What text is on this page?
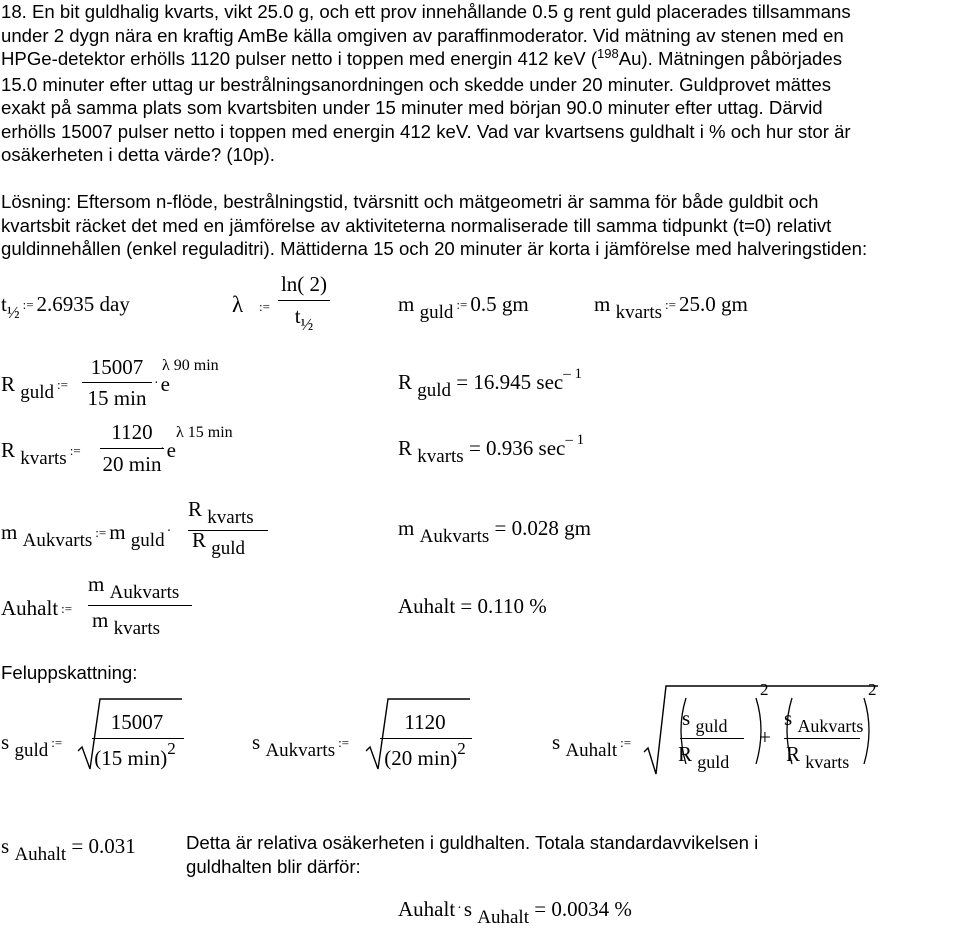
18. En bit guldhalig kvarts, vikt 25.0 g, och ett prov innehållande 0.5 g rent guld placerades tillsammans
under 2 dygn nära en kraftig AmBe källa omgiven av paraffinmoderator. Vid mätning av stenen med en
HPGe-detektor erhölls 1120 pulser netto i toppen med energin 412 keV ($^{198}$Au). Mätningen påbörjades
15.0 minuter efter uttag ur bestrålningsanordningen och skedde under 20 minuter. Guldprovet mättes
exakt på samma plats som kvartsbiten under 15 minuter med början 90.0 minuter efter uttag. Därvid
erhölls 15007 pulser netto i toppen med energin 412 keV. Vad var kvartsens guldhalt i % och hur stor är
osäkerheten i detta värde? (10p).
Lösning: Eftersom n-flöde, bestrålningstid, tvärsnitt och mätgeometri är samma för både guldbit och
kvartsbit räcket det med en jämförelse av aktiviteterna normaliserade till samma tidpunkt (t=0) relativt
guldinnehållen (enkel reguladitri). Mättiderna 15 och 20 minuter är korta i jämförelse med halveringstiden:
$t_{\frac{1}{2}}$ := 2.6935 day	λ :=
ln( 2)
$t_{\frac{1}{2}}$
m guld := 0.5 gm	m kvarts := 25.0 gm
R guld :=
15007
15 min
·e
λ 90 min
R guld = 16.945 $\sec^{- 1}$
R kvarts :=
1120
20 min
·e
λ 15 min
R kvarts = 0.936 $\sec^{- 1}$
m Aukvarts := m guld ·
R kvarts
R guld
m Aukvarts = 0.028 gm
Auhalt :=
m Aukvarts
m kvarts
Auhalt = 0.110 %
Feluppskattning:
s guld :=
15007
(15 min)$^2$	s Aukvarts :=
1120
(20 min)$^2$	s Auhalt :=
s guld
R guld
2
+
s Aukvarts
R kvarts
2
s Auhalt = 0.031	Detta är relativa osäkerheten i guldhalten. Totala standardavvikelsen i
guldhalten blir därför:
Auhalt ·s Auhalt = 0.0034 %
